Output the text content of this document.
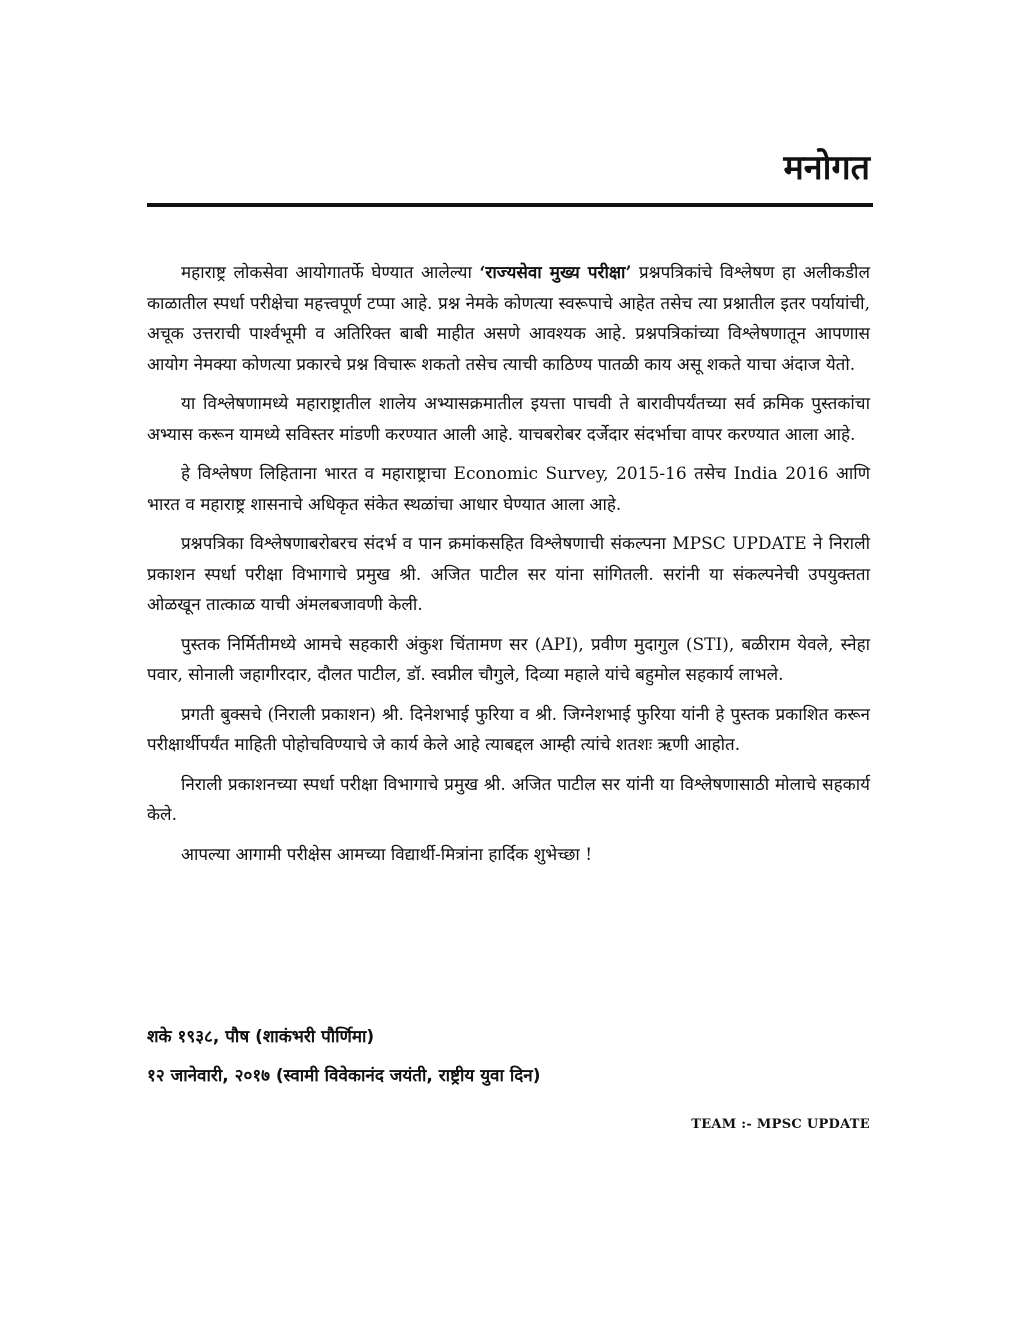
मनोगत

महाराष्ट्र लोकसेवा आयोगातर्फे घेण्यात आलेल्या ‘राज्यसेवा मुख्य परीक्षा’ प्रश्नपत्रिकांचे विश्लेषण हा अलीकडील काळातील स्पर्धा परीक्षेचा महत्त्वपूर्ण टप्पा आहे. प्रश्न नेमके कोणत्या स्वरूपाचे आहेत तसेच त्या प्रश्नातील इतर पर्यायांची, अचूक उत्तराची पार्श्वभूमी व अतिरिक्त बाबी माहीत असणे आवश्यक आहे. प्रश्नपत्रिकांच्या विश्लेषणातून आपणास आयोग नेमक्या कोणत्या प्रकारचे प्रश्न विचारू शकतो तसेच त्याची काठिण्य पातळी काय असू शकते याचा अंदाज येतो.

या विश्लेषणामध्ये महाराष्ट्रातील शालेय अभ्यासक्रमातील इयत्ता पाचवी ते बारावीपर्यंतच्या सर्व क्रमिक पुस्तकांचा अभ्यास करून यामध्ये सविस्तर मांडणी करण्यात आली आहे. याचबरोबर दर्जेदार संदर्भाचा वापर करण्यात आला आहे.

हे विश्लेषण लिहिताना भारत व महाराष्ट्राचा Economic Survey, 2015-16 तसेच India 2016 आणि भारत व महाराष्ट्र शासनाचे अधिकृत संकेत स्थळांचा आधार घेण्यात आला आहे.

प्रश्नपत्रिका विश्लेषणाबरोबरच संदर्भ व पान क्रमांकसहित विश्लेषणाची संकल्पना MPSC UPDATE ने निराली प्रकाशन स्पर्धा परीक्षा विभागाचे प्रमुख श्री. अजित पाटील सर यांना सांगितली. सरांनी या संकल्पनेची उपयुक्तता ओळखून तात्काळ याची अंमलबजावणी केली.

पुस्तक निर्मितीमध्ये आमचे सहकारी अंकुश चिंतामण सर (API), प्रवीण मुदागुल (STI), बळीराम येवले, स्नेहा पवार, सोनाली जहागीरदार, दौलत पाटील, डॉ. स्वप्नील चौगुले, दिव्या महाले यांचे बहुमोल सहकार्य लाभले.

प्रगती बुक्सचे (निराली प्रकाशन) श्री. दिनेशभाई फुरिया व श्री. जिग्नेशभाई फुरिया यांनी हे पुस्तक प्रकाशित करून परीक्षार्थीपर्यंत माहिती पोहोचविण्याचे जे कार्य केले आहे त्याबद्दल आम्ही त्यांचे शतशः ऋणी आहोत.

निराली प्रकाशनच्या स्पर्धा परीक्षा विभागाचे प्रमुख श्री. अजित पाटील सर यांनी या विश्लेषणासाठी मोलाचे सहकार्य केले.

आपल्या आगामी परीक्षेस आमच्या विद्यार्थी-मित्रांना हार्दिक शुभेच्छा !

शके १९३८, पौष (शाकंभरी पौर्णिमा)

१२ जानेवारी, २०१७ (स्वामी विवेकानंद जयंती, राष्ट्रीय युवा दिन)

TEAM :- MPSC UPDATE
